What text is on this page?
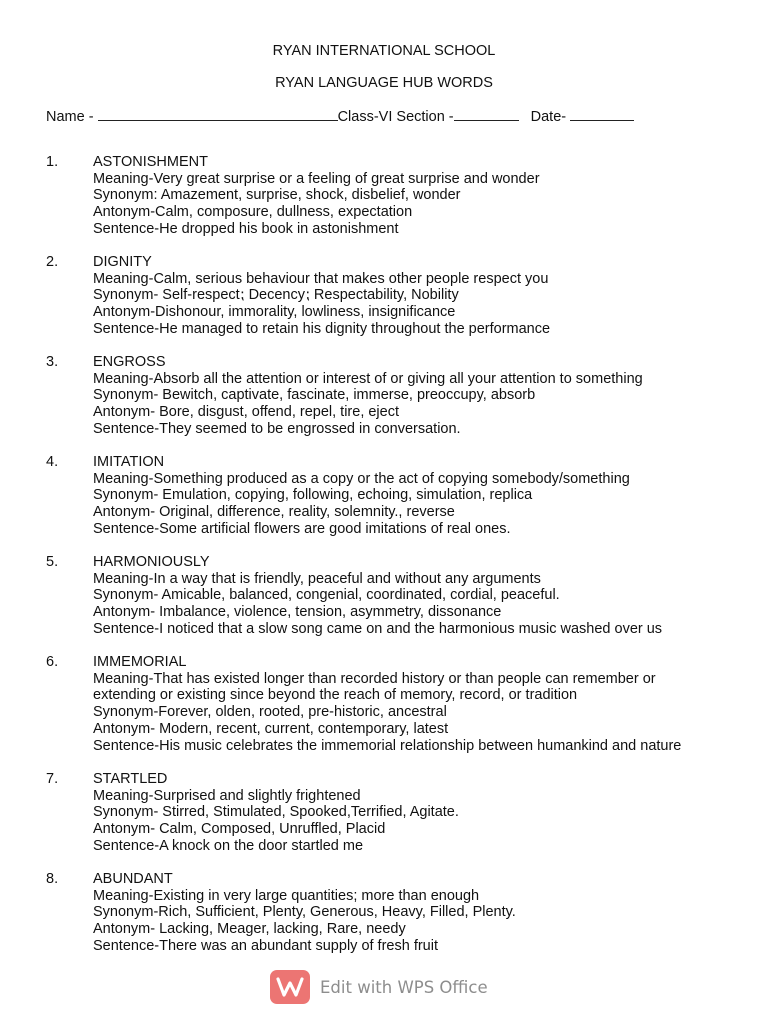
RYAN INTERNATIONAL SCHOOL
RYAN LANGUAGE HUB WORDS
Name -	Class-VI Section -	Date-
1. ASTONISHMENT
Meaning-Very great surprise or a feeling of great surprise and wonder
Synonym: Amazement, surprise, shock, disbelief, wonder
Antonym-Calm, composure, dullness, expectation
Sentence-He dropped his book in astonishment
2. DIGNITY
Meaning-Calm, serious behaviour that makes other people respect you
Synonym- Self-respect⁏ Decency⁏ Respectability, Nobility
Antonym-Dishonour, immorality, lowliness, insignificance
Sentence-He managed to retain his dignity throughout the performance
3. ENGROSS
Meaning-Absorb all the attention or interest of or giving all your attention to something
Synonym- Bewitch, captivate, fascinate, immerse, preoccupy, absorb
Antonym- Bore, disgust, offend, repel, tire, eject
Sentence-They seemed to be engrossed in conversation.
4. IMITATION
Meaning-Something produced as a copy or the act of copying somebody/something
Synonym- Emulation, copying, following, echoing, simulation, replica
Antonym- Original, difference, reality, solemnity., reverse
Sentence-Some artificial flowers are good imitations of real ones.
5. HARMONIOUSLY
Meaning-In a way that is friendly, peaceful and without any arguments
Synonym- Amicable, balanced, congenial, coordinated, cordial, peaceful.
Antonym- Imbalance, violence, tension, asymmetry, dissonance
Sentence-I noticed that a slow song came on and the harmonious music washed over us
6. IMMEMORIAL
Meaning-That has existed longer than recorded history or than people can remember or extending or existing since beyond the reach of memory, record, or tradition
Synonym-Forever, olden, rooted, pre-historic, ancestral
Antonym- Modern, recent, current, contemporary, latest
Sentence-His music celebrates the immemorial relationship between humankind and nature
7. STARTLED
Meaning-Surprised and slightly frightened
Synonym- Stirred, Stimulated, Spooked,Terrified, Agitate.
Antonym- Calm, Composed, Unruffled, Placid
Sentence-A knock on the door startled me
8. ABUNDANT
Meaning-Existing in very large quantities; more than enough
Synonym-Rich, Sufficient, Plenty, Generous, Heavy, Filled, Plenty.
Antonym- Lacking, Meager, lacking, Rare, needy
Sentence-There was an abundant supply of fresh fruit
Edit with WPS Office
